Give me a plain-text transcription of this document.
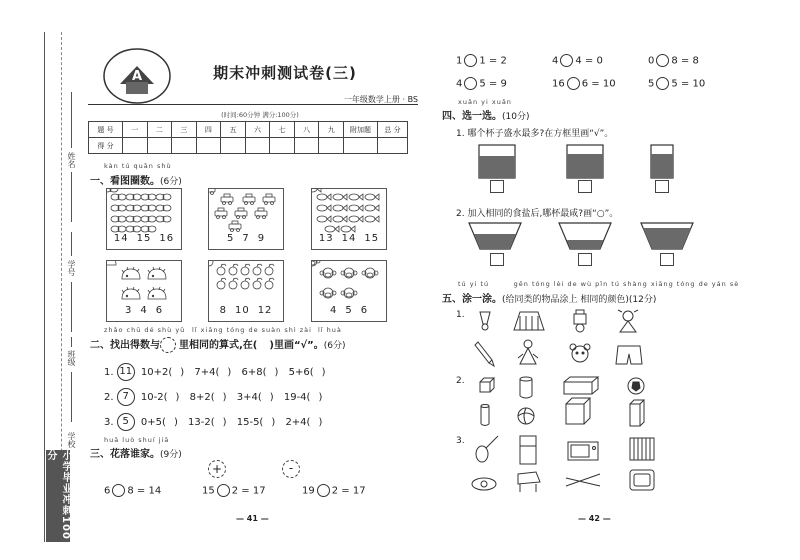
姓名
学号
班级
学校
小学毕业冲刺100分
A	期末冲刺测试卷(三)
一年级数学上册 · BS
(时间:60分钟 满分:100分)
题 号	一	二	三	四	五	六	七	八	九	附加题	总 分
得 分											
kàn tú quān shù
一、看图圈数。(6分)
14 15 16	5 7 9	13 14 15
3 4 6	8 10 12	4 5 6
zhǎo chū dé shù yǔ lǐ xiāng tóng de suàn shì zài lǐ huà
二、找出得数与 里相同的算式,在( )里画“√”。(6分)
1. 11 10+2( ) 7+4( ) 6+8( ) 5+6( )
2. 7 10-2( ) 8+2( ) 3+4( ) 19-4( )
3. 5 0+5( ) 13-2( ) 15-5( ) 2+4( )
huā luò shuí jiā
三、花落谁家。(9分)
+	-
6 8 = 14	15 2 = 17	19 2 = 17
— 41 —
1 1 = 2	4 4 = 0	0 8 = 8
4 5 = 9	16 6 = 10	5 5 = 10
xuǎn yi xuǎn
四、选一选。(10分)
1. 哪个杯子盛水最多?在方框里画“√”。
2. 加入相同的食盐后,哪杯最咸?画“○”。
tú yi tú        gēn tóng lèi de wù pǐn tú shàng xiāng tóng de yán sè
五、涂一涂。(给同类的物品涂上 相同的颜色)(12分)
1.
2.
3.
— 42 —
